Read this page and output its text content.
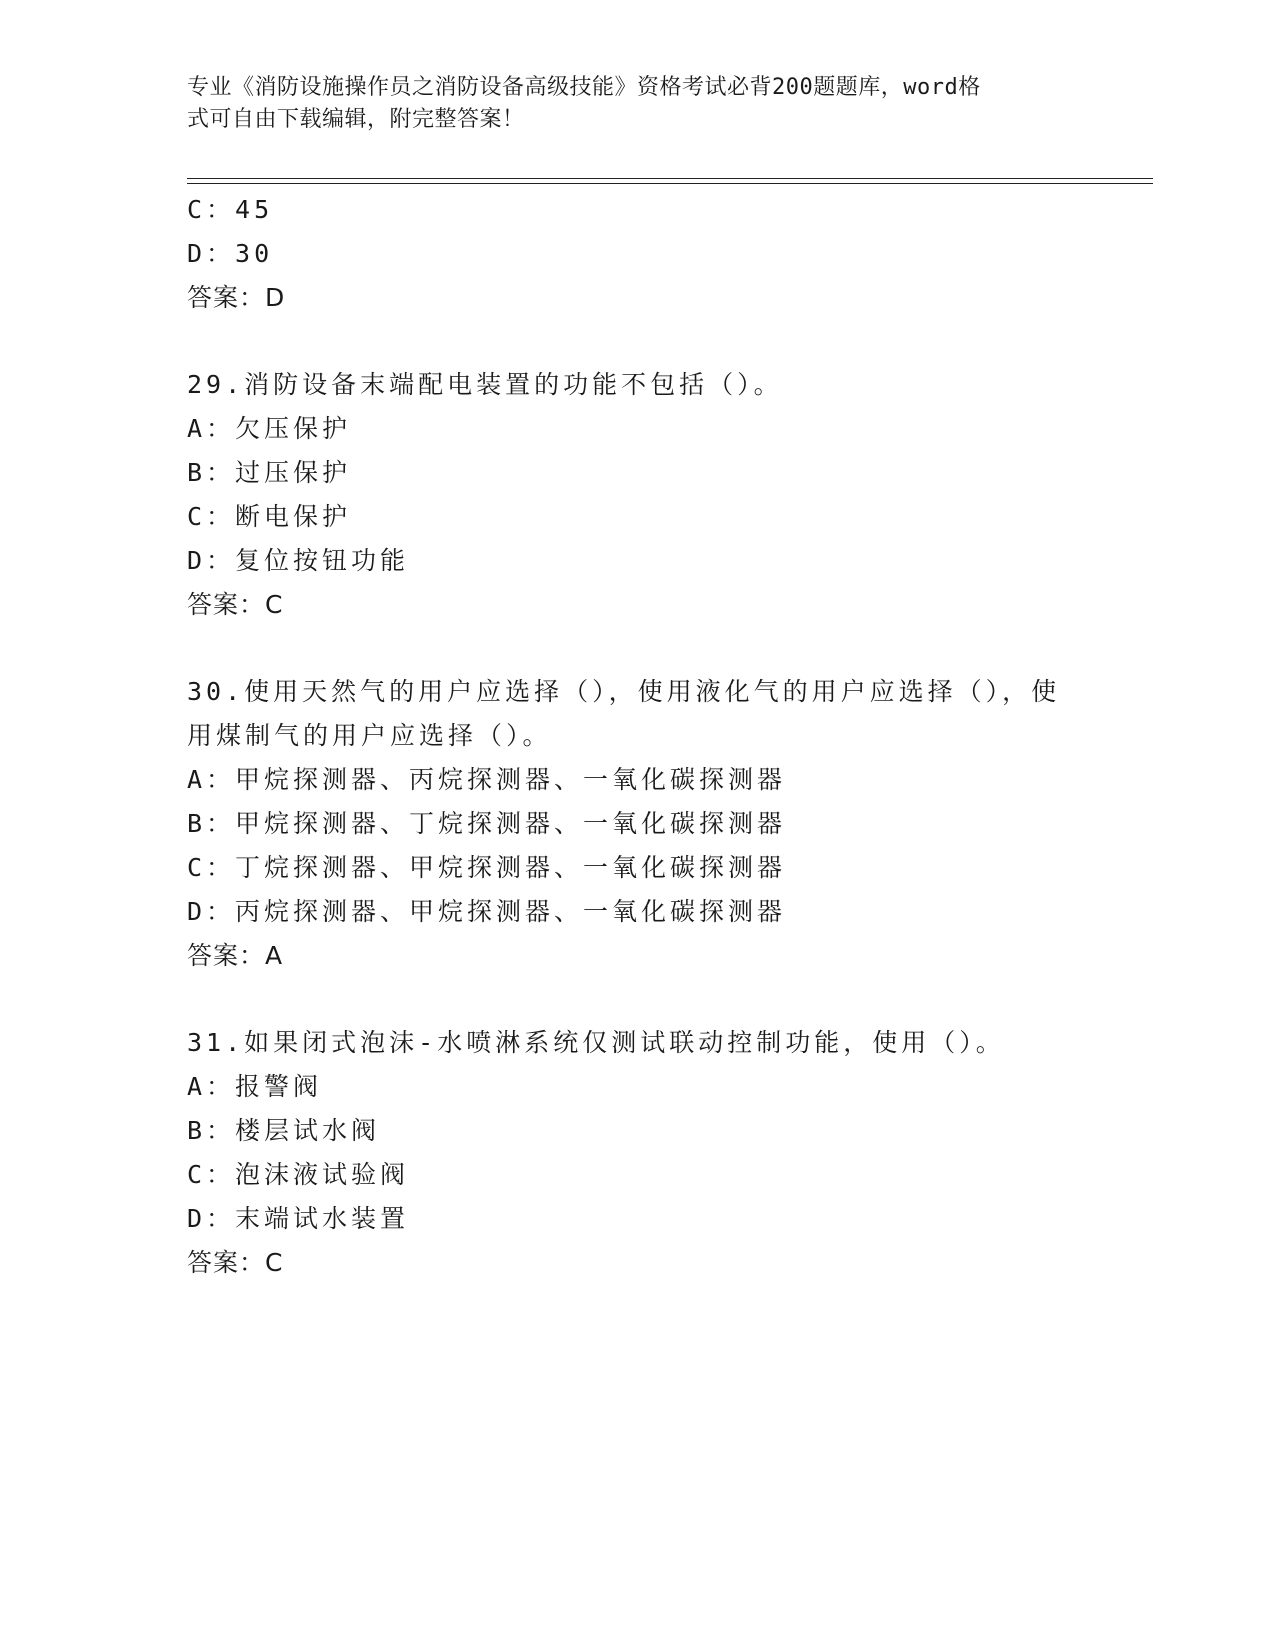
专业《消防设施操作员之消防设备高级技能》资格考试必背200题题库，word格
式可自由下载编辑，附完整答案！
C：45
D：30
答案：D
29.消防设备末端配电装置的功能不包括（）。
A：欠压保护
B：过压保护
C：断电保护
D：复位按钮功能
答案：C
30.使用天然气的用户应选择（），使用液化气的用户应选择（），使
用煤制气的用户应选择（）。
A：甲烷探测器、丙烷探测器、一氧化碳探测器
B：甲烷探测器、丁烷探测器、一氧化碳探测器
C：丁烷探测器、甲烷探测器、一氧化碳探测器
D：丙烷探测器、甲烷探测器、一氧化碳探测器
答案：A
31.如果闭式泡沫-水喷淋系统仅测试联动控制功能，使用（）。
A：报警阀
B：楼层试水阀
C：泡沫液试验阀
D：末端试水装置
答案：C
